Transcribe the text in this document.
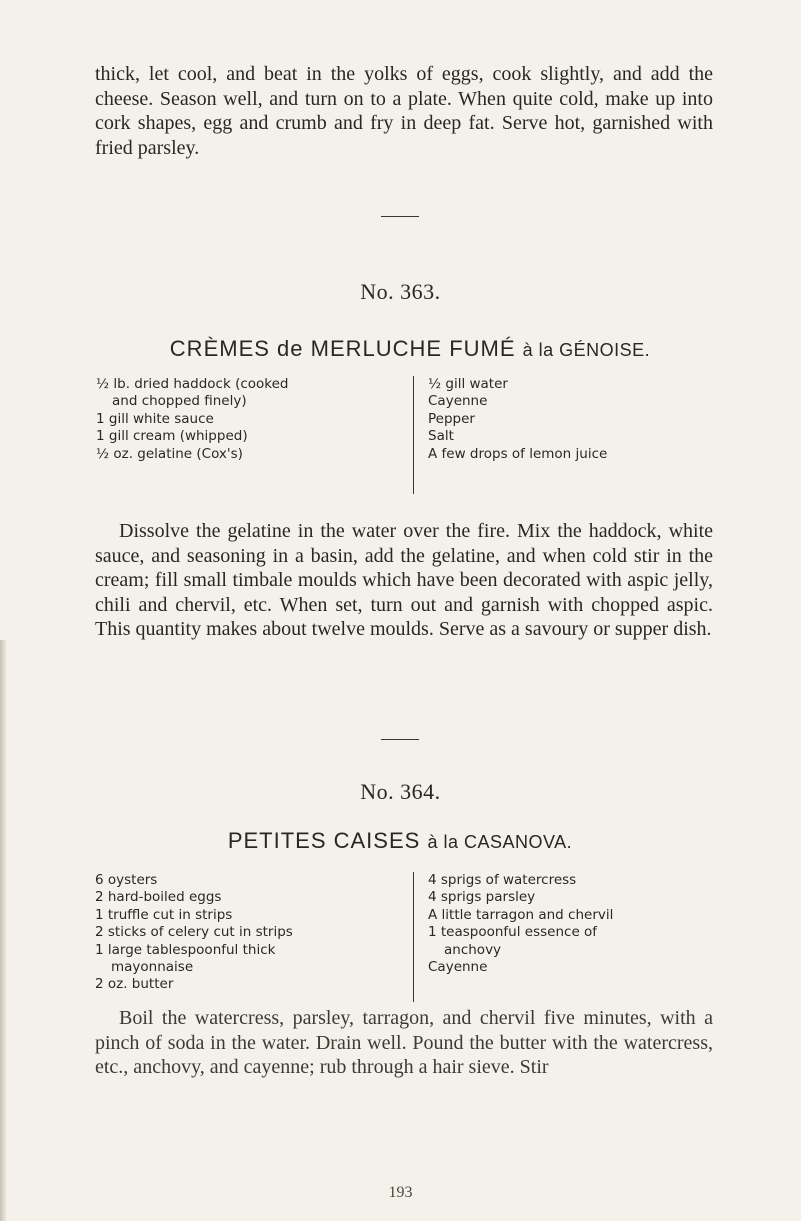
thick, let cool, and beat in the yolks of eggs, cook slightly, and add the cheese. Season well, and turn on to a plate. When quite cold, make up into cork shapes, egg and crumb and fry in deep fat. Serve hot, garnished with fried parsley.

No. 363.
CRÈMES de MERLUCHE FUMÉ à la GÉNOISE.
½ lb. dried haddock (cooked
and chopped finely)
1 gill white sauce
1 gill cream (whipped)
½ oz. gelatine (Cox's)
½ gill water
Cayenne
Pepper
Salt
A few drops of lemon juice

Dissolve the gelatine in the water over the fire. Mix the haddock, white sauce, and seasoning in a basin, add the gelatine, and when cold stir in the cream; fill small timbale moulds which have been decorated with aspic jelly, chili and chervil, etc. When set, turn out and garnish with chopped aspic. This quantity makes about twelve moulds. Serve as a savoury or supper dish.

No. 364.
PETITES CAISES à la CASANOVA.
6 oysters
2 hard-boiled eggs
1 truffle cut in strips
2 sticks of celery cut in strips
1 large tablespoonful thick
mayonnaise
2 oz. butter
4 sprigs of watercress
4 sprigs parsley
A little tarragon and chervil
1 teaspoonful essence of
anchovy
Cayenne

Boil the watercress, parsley, tarragon, and chervil five minutes, with a pinch of soda in the water. Drain well. Pound the butter with the watercress, etc., anchovy, and cayenne; rub through a hair sieve. Stir

193
